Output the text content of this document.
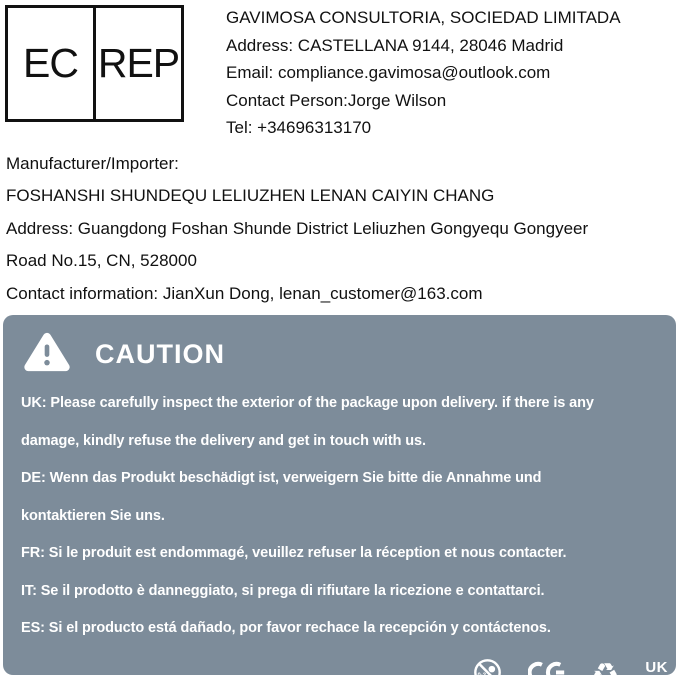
EC REP
GAVIMOSA CONSULTORIA, SOCIEDAD LIMITADA
Address: CASTELLANA 9144, 28046 Madrid
Email: compliance.gavimosa@outlook.com
Contact Person:Jorge Wilson
Tel: +34696313170
Manufacturer/Importer:
FOSHANSHI SHUNDEQU LELIUZHEN LENAN CAIYIN CHANG
Address: Guangdong Foshan Shunde District Leliuzhen Gongyequ Gongyeer
Road No.15, CN, 528000
Contact information: JianXun Dong, lenan_customer@163.com
CAUTION

UK: Please carefully inspect the exterior of the package upon delivery. if there is any

damage, kindly refuse the delivery and get in touch with us.

DE: Wenn das Produkt beschädigt ist, verweigern Sie bitte die Annahme und

kontaktieren Sie uns.

FR: Si le produit est endommagé, veuillez refuser la réception et nous contacter.

IT: Se il prodotto è danneggiato, si prega di rifiutare la ricezione e contattarci.

ES: Si el producto está dañado, por favor rechace la recepción y contáctenos.

0-3	♻ UK
CA
